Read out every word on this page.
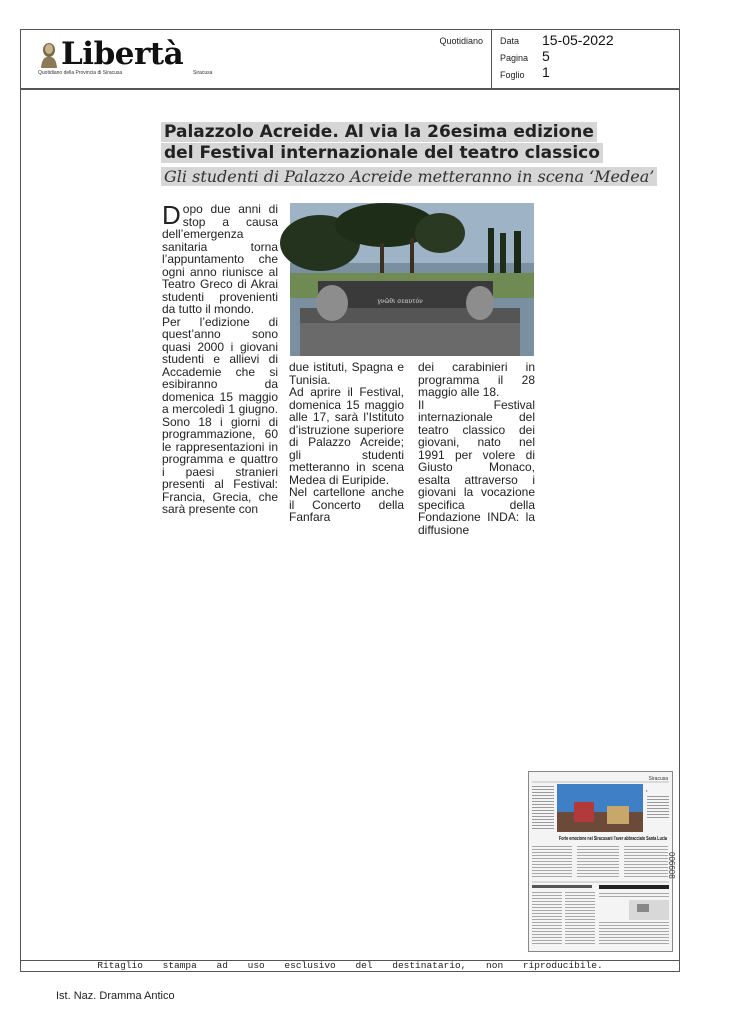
Libertà
Quotidiano della Provincia di Siracusa	Siracusa
Quotidiano Data 15-05-2022
Pagina 5
Foglio 1
Palazzolo Acreide. Al via la 26esima edizione
del Festival internazionale del teatro classico
Gli studenti di Palazzo Acreide metteranno in scena ‘Medea’

Dopo due anni di stop a causa dell’emergenza sanitaria torna l’appuntamento che ogni anno riunisce al Teatro Greco di Akrai studenti provenienti da tutto il mondo.

Per l’edizione di quest’anno sono quasi 2000 i giovani studenti e allievi di Accademie che si esibiranno da domenica 15 maggio a mercoledì 1 giugno. Sono 18 i giorni di programmazione, 60 le rappresentazioni in programma e quattro i paesi stranieri presenti al Festival: Francia, Grecia, che sarà presente con

γνῶθι σεαυτόν

due istituti, Spagna e Tunisia.

Ad aprire il Festival, domenica 15 maggio alle 17, sarà l’Istituto d’istruzione superiore di Palazzo Acreide; gli studenti metteranno in scena Medea di Euripide.

Nel cartellone anche il Concerto della Fanfara

dei carabinieri in programma il 28 maggio alle 18.

Il Festival internazionale del teatro classico dei giovani, nato nel 1991 per volere di Giusto Monaco, esalta attraverso i giovani la vocazione specifica della Fondazione INDA: la diffusione

Siracusa
•
Forte emozione nei Siracusani l’aver abbracciato Santa Lucia
006608
Ritaglio stampa ad uso esclusivo del destinatario, non riproducibile.
Ist. Naz. Dramma Antico
